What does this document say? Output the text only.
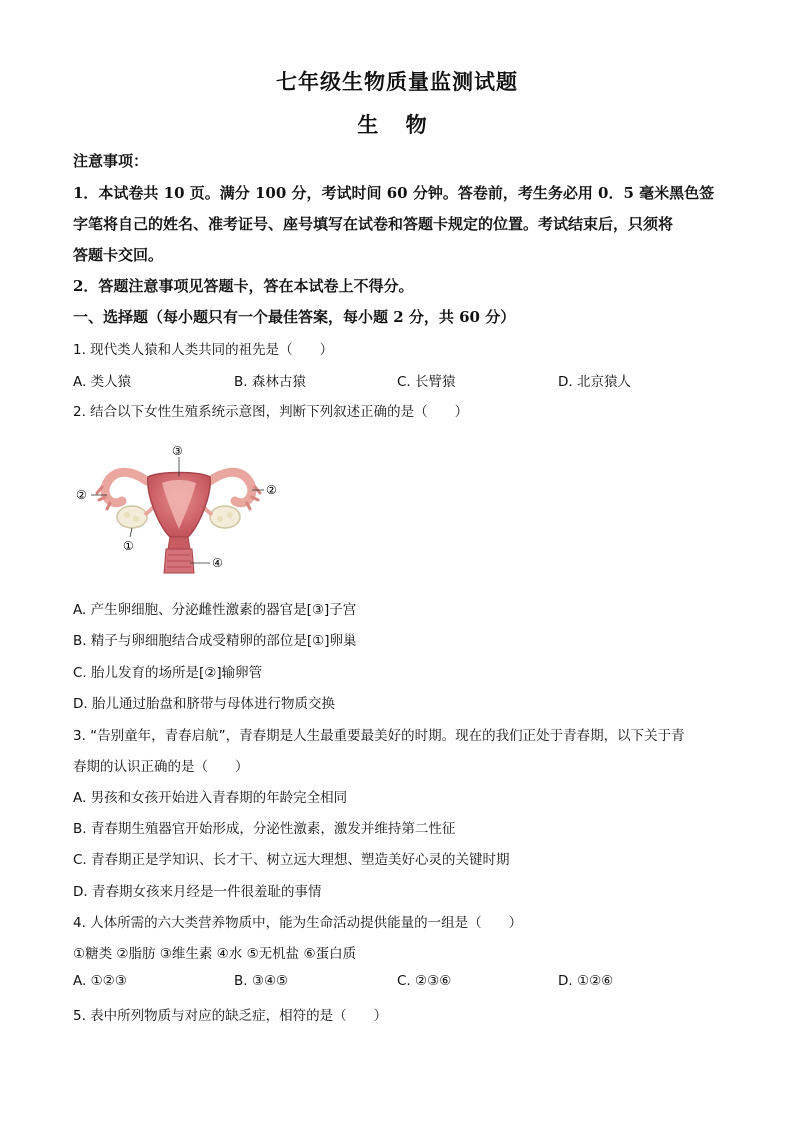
七年级生物质量监测试题
生 物
注意事项：
1．本试卷共 10 页。满分 100 分，考试时间 60 分钟。答卷前，考生务必用 0．5 毫米黑色签
字笔将自己的姓名、准考证号、座号填写在试卷和答题卡规定的位置。考试结束后，只须将
答题卡交回。
2．答题注意事项见答题卡，答在本试卷上不得分。
一、选择题（每小题只有一个最佳答案，每小题 2 分，共 60 分）
1. 现代类人猿和人类共同的祖先是（　　）
A. 类人猿	B. 森林古猿	C. 长臂猿	D. 北京猿人
2. 结合以下女性生殖系统示意图，判断下列叙述正确的是（　　）
③
②	②
①
④
A. 产生卵细胞、分泌雌性激素的器官是[③]子宫
B. 精子与卵细胞结合成受精卵的部位是[①]卵巢
C. 胎儿发育的场所是[②]输卵管
D. 胎儿通过胎盘和脐带与母体进行物质交换
3. “告别童年，青春启航”，青春期是人生最重要最美好的时期。现在的我们正处于青春期，以下关于青
春期的认识正确的是（　　）
A. 男孩和女孩开始进入青春期的年龄完全相同
B. 青春期生殖器官开始形成，分泌性激素，激发并维持第二性征
C. 青春期正是学知识、长才干、树立远大理想、塑造美好心灵的关键时期
D. 青春期女孩来月经是一件很羞耻的事情
4. 人体所需的六大类营养物质中，能为生命活动提供能量的一组是（　　）
①糖类 ②脂肪 ③维生素 ④水 ⑤无机盐 ⑥蛋白质
A. ①②③	B. ③④⑤	C. ②③⑥	D. ①②⑥
5. 表中所列物质与对应的缺乏症，相符的是（　　）
